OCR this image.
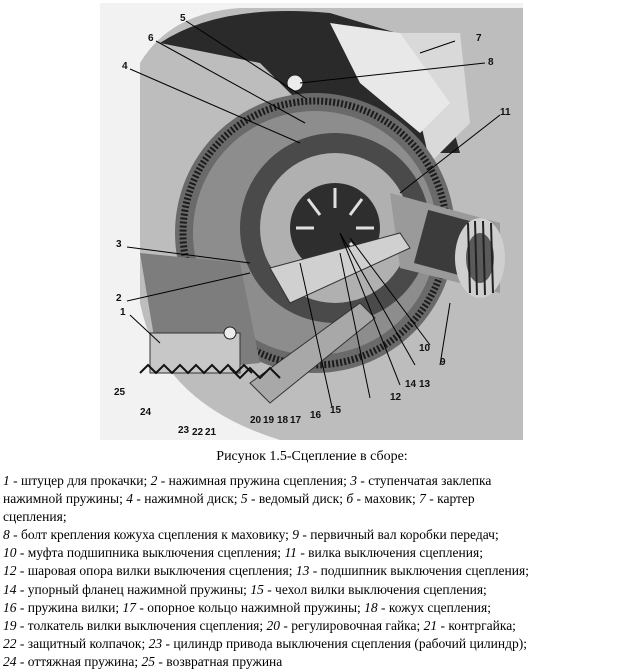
5
6
4
7
8
11
3
2
1
25
24
23 22 21
20 19 18 17 16 15
12
14 13
10
9
Рисунок 1.5-Сцепление в сборе:

1 - штуцер для прокачки; 2 - нажимная пружина сцепления; 3 - ступенчатая заклепка

нажимной пружины; 4 - нажимной диск; 5 - ведомый диск; б - маховик; 7 - картер

сцепления;

8 - болт крепления кожуха сцепления к маховику; 9 - первичный вал коробки передач;

10 - муфта подшипника выключения сцепления; 11 - вилка выключения сцепления;

12 - шаровая опора вилки выключения сцепления; 13 - подшипник выключения сцепления;

14 - упорный фланец нажимной пружины; 15 - чехол вилки выключения сцепления;

16 - пружина вилки; 17 - опорное кольцо нажимной пружины; 18 - кожух сцепления;

19 - толкатель вилки выключения сцепления; 20 - регулировочная гайка; 21 - контргайка;

22 - защитный колпачок; 23 - цилиндр привода выключения сцепления (рабочий цилиндр);

24 - оттяжная пружина; 25 - возвратная пружина
